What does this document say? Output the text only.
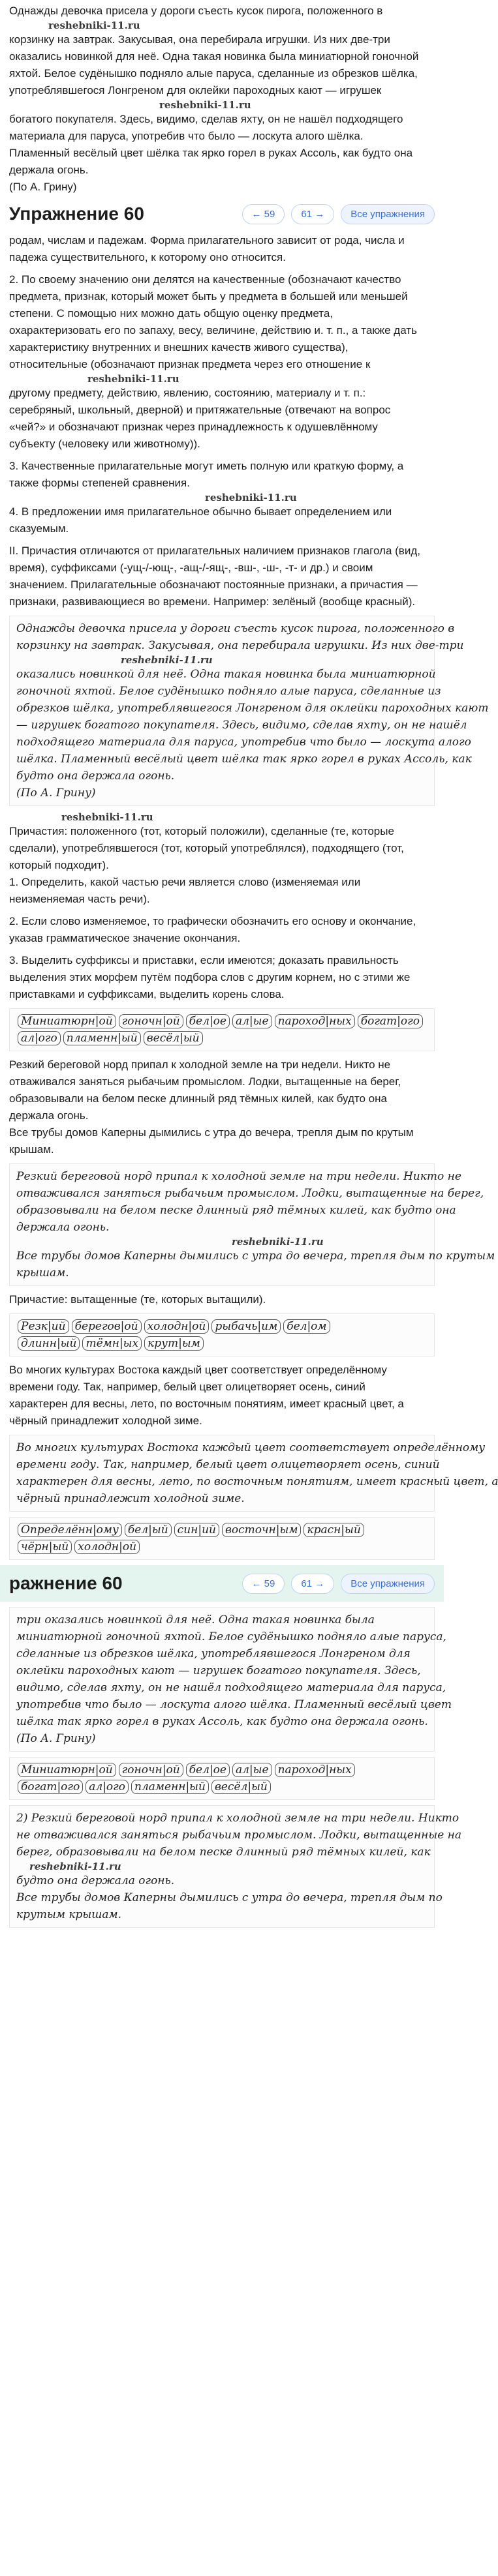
Однажды девочка присела у дороги съесть кусок пирога, положенного в
reshebniki-11.ru
корзинку на завтрак. Закусывая, она перебирала игрушки. Из них две-три
оказались новинкой для неё. Одна такая новинка была миниатюрной гоночной
яхтой. Белое судёнышко подняло алые паруса, сделанные из обрезков шёлка,
употреблявшегося Лонгреном для оклейки пароходных кают — игрушек
reshebniki-11.ru
богатого покупателя. Здесь, видимо, сделав яхту, он не нашёл подходящего
материала для паруса, употребив что было — лоскута алого шёлка.
Пламенный весёлый цвет шёлка так ярко горел в руках Ассоль, как будто она
держала огонь.
(По А. Грину)
Упражнение 60	← 59	61 →	Все упражнения
родам, числам и падежам. Форма прилагательного зависит от рода, числа и
падежа существительного, к которому оно относится.
2. По своему значению они делятся на качественные (обозначают качество
предмета, признак, который может быть у предмета в большей или меньшей
степени. С помощью них можно дать общую оценку предмета,
охарактеризовать его по запаху, весу, величине, действию и. т. п., а также дать
характеристику внутренних и внешних качеств живого существа),
относительные (обозначают признак предмета через его отношение к
reshebniki-11.ru
другому предмету, действию, явлению, состоянию, материалу и т. п.:
серебряный, школьный, дверной) и притяжательные (отвечают на вопрос
«чей?» и обозначают признак через принадлежность к одушевлённому
субъекту (человеку или животному)).
3. Качественные прилагательные могут иметь полную или краткую форму, а
также формы степеней сравнения.
reshebniki-11.ru
4. В предложении имя прилагательное обычно бывает определением или
сказуемым.
II. Причастия отличаются от прилагательных наличием признаков глагола (вид,
время), суффиксами (-ущ-/-ющ-, -ащ-/-ящ-, -вш-, -ш-, -т- и др.) и своим
значением. Прилагательные обозначают постоянные признаки, а причастия —
признаки, развивающиеся во времени. Например: зелёный (вообще красный).
Однажды девочка присела у дороги съесть кусок пирога, положенного в
корзинку на завтрак. Закусывая, она перебирала игрушки. Из них две-три
reshebniki-11.ru
оказались новинкой для неё. Одна такая новинка была миниатюрной
гоночной яхтой. Белое судёнышко подняло алые паруса, сделанные из
обрезков шёлка, употреблявшегося Лонгреном для оклейки пароходных кают
— игрушек богатого покупателя. Здесь, видимо, сделав яхту, он не нашёл
подходящего материала для паруса, употребив что было — лоскута алого
шёлка. Пламенный весёлый цвет шёлка так ярко горел в руках Ассоль, как
будто она держала огонь.
(По А. Грину)
reshebniki-11.ru
Причастия: положенного (тот, который положили), сделанные (те, которые
сделали), употреблявшегося (тот, который употреблялся), подходящего (тот,
который подходит).
1. Определить, какой частью речи является слово (изменяемая или
неизменяемая часть речи).
2. Если слово изменяемое, то графически обозначить его основу и окончание,
указав грамматическое значение окончания.
3. Выделить суффиксы и приставки, если имеются; доказать правильность
выделения этих морфем путём подбора слов с другим корнем, но с этими же
приставками и суффиксами, выделить корень слова.
Миниатюрн|ой гоночн|ой бел|ое ал|ые пароход|ных богат|ого
ал|ого пламенн|ый весёл|ый
Резкий береговой норд припал к холодной земле на три недели. Никто не
отваживался заняться рыбачьим промыслом. Лодки, вытащенные на берег,
образовывали на белом песке длинный ряд тёмных килей, как будто она
держала огонь.
Все трубы домов Каперны дымились с утра до вечера, трепля дым по крутым
крышам.
Резкий береговой норд припал к холодной земле на три недели. Никто не
отваживался заняться рыбачьим промыслом. Лодки, вытащенные на берег,
образовывали на белом песке длинный ряд тёмных килей, как будто она
держала огонь.
reshebniki-11.ru
Все трубы домов Каперны дымились с утра до вечера, трепля дым по крутым
крышам.
Причастие: вытащенные (те, которых вытащили).
Резк|ий берегов|ой холодн|ой рыбачь|им бел|ом
длинн|ый тёмн|ых крут|ым
Во многих культурах Востока каждый цвет соответствует определённому
времени году. Так, например, белый цвет олицетворяет осень, синий
характерен для весны, лето, по восточным понятиям, имеет красный цвет, а
чёрный принадлежит холодной зиме.
Во многих культурах Востока каждый цвет соответствует определённому
времени году. Так, например, белый цвет олицетворяет осень, синий
характерен для весны, лето, по восточным понятиям, имеет красный цвет, а
чёрный принадлежит холодной зиме.
Определённ|ому бел|ый син|ий восточн|ым красн|ый
чёрн|ый холодн|ой
ражнение 60	← 59	61 →	Все упражнения
три оказались новинкой для неё. Одна такая новинка была
миниатюрной гоночной яхтой. Белое судёнышко подняло алые паруса,
сделанные из обрезков шёлка, употреблявшегося Лонгреном для
оклейки пароходных кают — игрушек богатого покупателя. Здесь,
видимо, сделав яхту, он не нашёл подходящего материала для паруса,
употребив что было — лоскута алого шёлка. Пламенный весёлый цвет
шёлка так ярко горел в руках Ассоль, как будто она держала огонь.
(По А. Грину)
Миниатюрн|ой гоночн|ой бел|ое ал|ые пароход|ных
богат|ого ал|ого пламенн|ый весёл|ый
2) Резкий береговой норд припал к холодной земле на три недели. Никто
не отваживался заняться рыбачьим промыслом. Лодки, вытащенные на
берег, образовывали на белом песке длинный ряд тёмных килей, как
reshebniki-11.ru
будто она держала огонь.
Все трубы домов Каперны дымились с утра до вечера, трепля дым по
крутым крышам.
